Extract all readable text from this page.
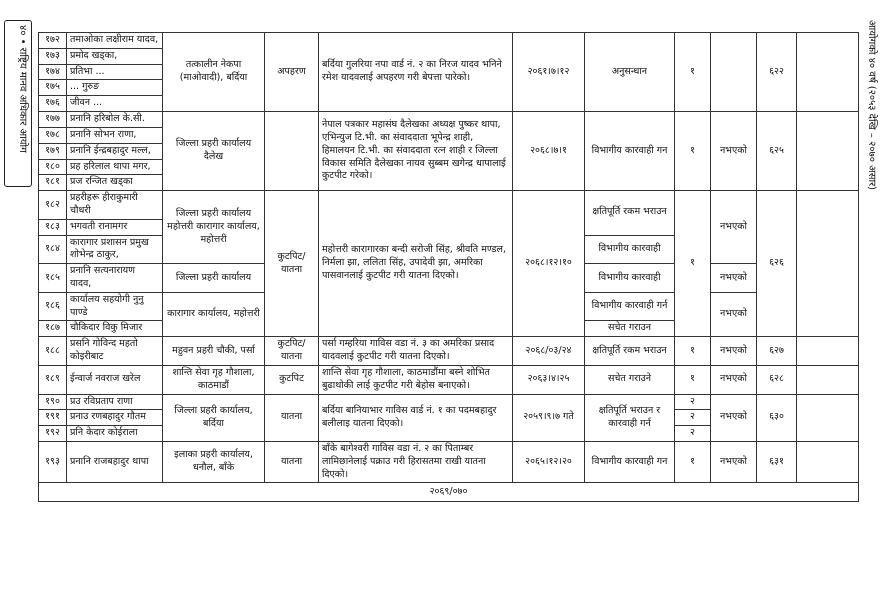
४० • राष्ट्रिय मानव अधिकार आयोग	आयोगको ४० वर्ष (२०५३ देखि – २०७० असार)
१७२	तमाओका लक्षीराम यादव,	तत्कालीन नेकपा (माओवादी), बर्दिया	अपहरण	बर्दिया गुलरिया नपा वार्ड नं. २ का निरज यादव भनिने रमेश यादवलाई अपहरण गरी बेपत्ता पारेको।	२०६१।७।१२	अनुसन्धान	१		६२२	
१७३	प्रमोद खड्का,									
१७४	प्रतिभा ...									
१७५	... गुरुङ									
१७६	जीवन ...									
१७७	प्रनानि हरिबोल के.सी.	जिल्ला प्रहरी कार्यालय दैलेख		नेपाल पत्रकार महासंघ दैलेखका अध्यक्ष पुष्कर थापा, एभिन्युज टि.भी. का संवाददाता भूपेन्द्र शाही, हिमालयन टि.भी. का संवाददाता रत्न शाही र जिल्ला विकास समिति दैलेखका नायव सुब्बम खगेन्द्र धापालाई कुटपीट गरेको।	२०६८।७।१	विभागीय कारवाही गन	१	नभएको	६२५	
१७८	प्रनानि सोभन राणा,									
१७९	प्रनानि ईन्द्रबहादुर मल्ल,									
१८०	प्रह हरिलाल थापा मगर,									
१८१	प्रज रन्जित खड्का									
१८२	प्रहरीहरू हीराकुमारी चौधरी	जिल्ला प्रहरी कार्यालय महोत्तरी कारागार कार्यालय, महोत्तरी	कुटपिट/ यातना	महोत्तरी कारागारका बन्दी सरोजी सिंह, श्रीवति मण्डल, निर्मला झा, ललिता सिंह, उपादेवी झा, अमरिका पासवानलाई कुटपीट गरी यातना दिएको।	२०६८।१२।१०	क्षतिपूर्ति रकम भराउन	१	नभएको	६२६	
१८३	भगवती रानामगर									
१८४	कारागार प्रशासन प्रमुख शोभेन्द्र ठाकुर,					विभागीय कारवाही				
१८५	प्रनानि सत्यनारायण यादव,	जिल्ला प्रहरी कार्यालय				विभागीय कारवाही		नभएको		
१८६	कार्यालय सहयोगी नुनु पाण्डे	कारागार कार्यालय, महोत्तरी				विभागीय कारवाही गर्न		नभएको		
१८७	चौकिदार विकु मिजार					सचेत गराउन				
१८८	प्रसनि गोविन्द महतो कोइरीबाट	महुवन प्रहरी चौकी, पर्सा	कुटपिट/ यातना	पर्सा गम्हरिया गाविस वडा नं. ३ का अमरिका प्रसाद यादवलाई कुटपीट गरी यातना दिएको।	२०६८/०३/२४	क्षतिपूर्ति रकम भराउन	१	नभएको	६२७	
१८९	ईन्वार्ज नवराज खरेल	शान्ति सेवा गृह गौशाला, काठमाडौं	कुटपिट	शान्ति सेवा गृह गौशाला, काठमाडौंमा बस्ने शोभित बुढाथोकी लाई कुटपीट गरी बेहोस बनाएको।	२०६३।४।२५	सचेत गराउने	१	नभएको	६२८	
१९०	प्रउ रविप्रताप राणा	जिल्ला प्रहरी कार्यालय, बर्दिया	यातना	बर्दिया बानियाभार गाविस वार्ड नं. १ का पदमबहादुर बलीलाइ यातना दिएको।	२०५९।९।७ गते	क्षतिपूर्ति भराउन र कारवाही गर्न	२	नभएको	६३०	
१९१	प्रनाउ रणबहादुर गौतम						२			
१९२	प्रनि केदार कोईराला						२			
१९३	प्रनानि राजबहादुर थापा	इलाका प्रहरी कार्यालय, धनौल, बाँके	यातना	बाँके बागेश्वरी गाविस वडा नं. २ का पिताम्बर लामिछानेलाई पक्राउ गरी हिरासतमा राखी यातना दिएको।	२०६५।१२।२०	विभागीय कारवाही गन	१	नभएको	६३१	
२०६९/०७०										
